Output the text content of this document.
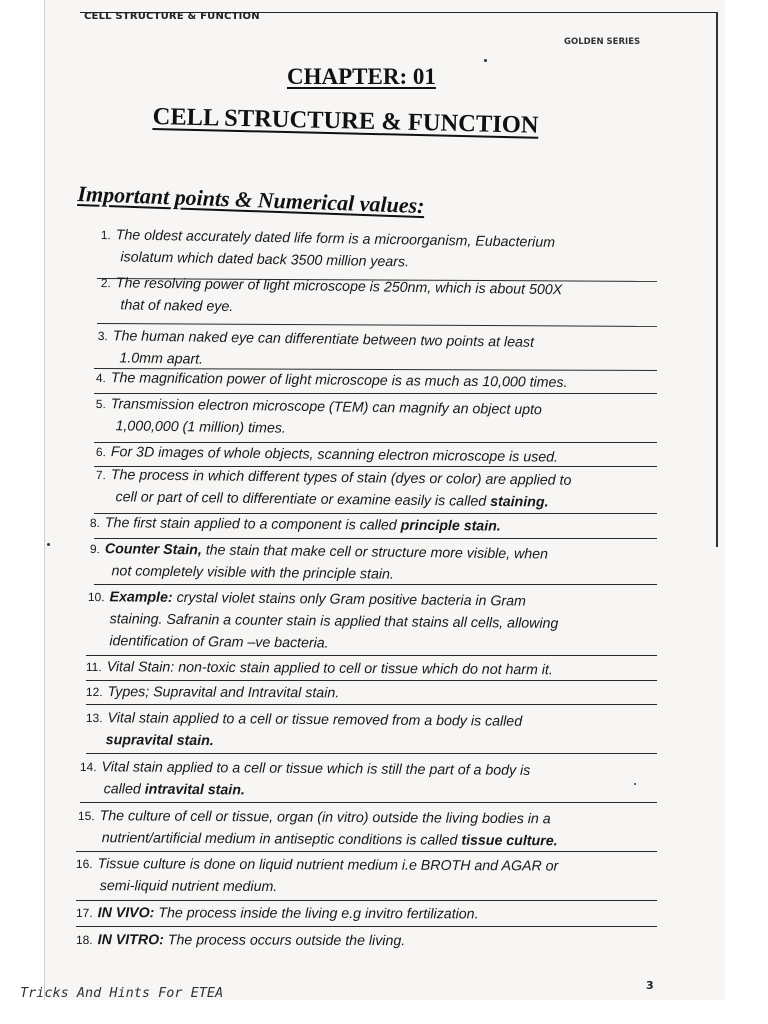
CELL STRUCTURE & FUNCTION
GOLDEN SERIES
CHAPTER: 01
CELL STRUCTURE & FUNCTION
Important points & Numerical values:
1. The oldest accurately dated life form is a microorganism, Eubacterium
isolatum which dated back 3500 million years.
2. The resolving power of light microscope is 250nm, which is about 500X
that of naked eye.
3. The human naked eye can differentiate between two points at least
1.0mm apart.
4. The magnification power of light microscope is as much as 10,000 times.
5. Transmission electron microscope (TEM) can magnify an object upto
1,000,000 (1 million) times.
6. For 3D images of whole objects, scanning electron microscope is used.
7. The process in which different types of stain (dyes or color) are applied to
cell or part of cell to differentiate or examine easily is called staining.
8. The first stain applied to a component is called principle stain.
9. Counter Stain, the stain that make cell or structure more visible, when
not completely visible with the principle stain.
10. Example: crystal violet stains only Gram positive bacteria in Gram
staining. Safranin a counter stain is applied that stains all cells, allowing
identification of Gram –ve bacteria.
11. Vital Stain: non-toxic stain applied to cell or tissue which do not harm it.
12. Types; Supravital and Intravital stain.
13. Vital stain applied to a cell or tissue removed from a body is called
supravital stain.
14. Vital stain applied to a cell or tissue which is still the part of a body is
called intravital stain.
15. The culture of cell or tissue, organ (in vitro) outside the living bodies in a
nutrient/artificial medium in antiseptic conditions is called tissue culture.
16. Tissue culture is done on liquid nutrient medium i.e BROTH and AGAR or
semi-liquid nutrient medium.
17. IN VIVO: The process inside the living e.g invitro fertilization.
18. IN VITRO: The process occurs outside the living.
Tricks And Hints For ETEA	3
